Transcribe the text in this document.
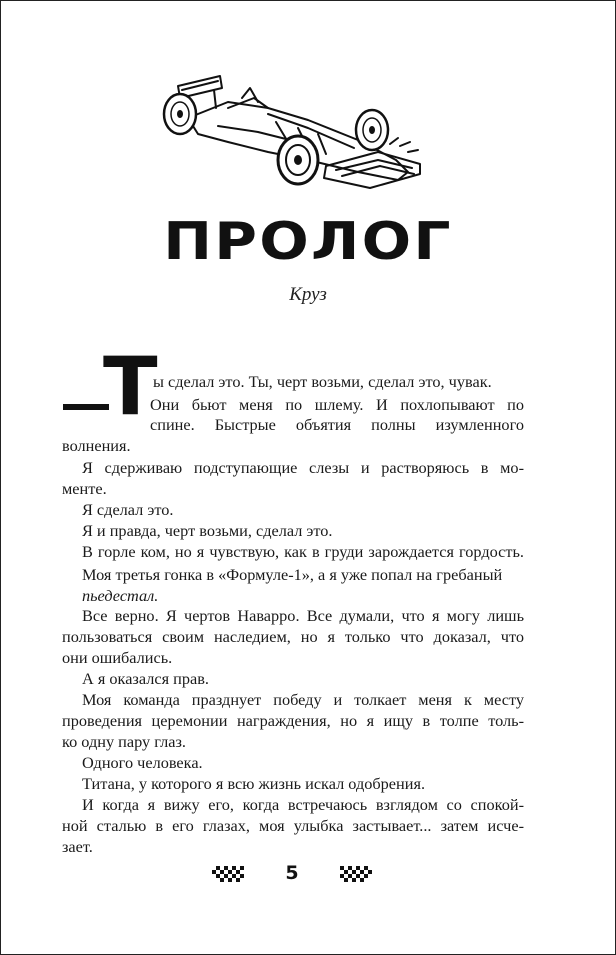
ПРОЛОГ
Круз
Т
ы сделал это. Ты, черт возьми, сделал это, чувак.
Они бьют меня по шлему. И похлопывают по
спине. Быстрые объятия полны изумленного
волнения.
Я сдерживаю подступающие слезы и растворяюсь в мо-
менте.
Я сделал это.
Я и правда, черт возьми, сделал это.
В горле ком, но я чувствую, как в груди зарождается гордость.
Моя третья гонка в «Формуле-1», а я уже попал на гребаный пьедестал.
Все верно. Я чертов Наварро. Все думали, что я могу лишь
пользоваться своим наследием, но я только что доказал, что
они ошибались.
А я оказался прав.
Моя команда празднует победу и толкает меня к месту
проведения церемонии награждения, но я ищу в толпе толь-
ко одну пару глаз.
Одного человека.
Титана, у которого я всю жизнь искал одобрения.
И когда я вижу его, когда встречаюсь взглядом со спокой-
ной сталью в его глазах, моя улыбка застывает... затем исче-
зает.
5
